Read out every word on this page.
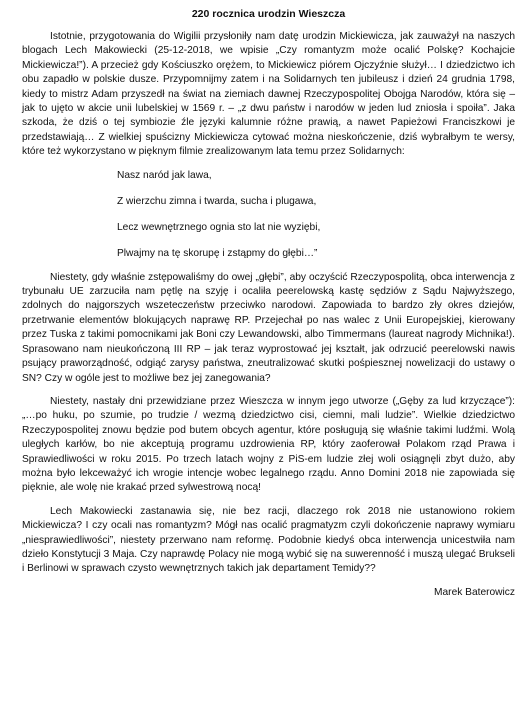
220 rocznica urodzin Wieszcza

Istotnie, przygotowania do Wigilii przysłoniły nam datę urodzin Mickiewicza, jak zauważył na naszych blogach Lech Makowiecki (25-12-2018, we wpisie „Czy romantyzm może ocalić Polskę? Kochajcie Mickiewicza!”). A przecież gdy Kościuszko orężem, to Mickiewicz piórem Ojczyźnie służył… I dziedzictwo ich obu zapadło w polskie dusze. Przypomnijmy zatem i na Solidarnych ten jubileusz i dzień 24 grudnia 1798, kiedy to mistrz Adam przyszedł na świat na ziemiach dawnej Rzeczypospolitej Obojga Narodów, która się – jak to ujęto w akcie unii lubelskiej w 1569 r. – „z dwu państw i narodów w jeden lud zniosła i spoiła”. Jaka szkoda, że dziś o tej symbiozie źle języki kalumnie różne prawią, a nawet Papieżowi Franciszkowi je przedstawiają… Z wielkiej spuścizny Mickiewicza cytować można nieskończenie, dziś wybrałbym te wersy, które też wykorzystano w pięknym filmie zrealizowanym lata temu przez Solidarnych:

Nasz naród jak lawa,
Z wierzchu zimna i twarda, sucha i plugawa,
Lecz wewnętrznego ognia sto lat nie wyziębi,
Plwajmy na tę skorupę i zstąpmy do głębi…”

Niestety, gdy właśnie zstępowaliśmy do owej „głębi”, aby oczyścić Rzeczypospolitą, obca interwencja z trybunału UE zarzuciła nam pętlę na szyję i ocaliła peerelowską kastę sędziów z Sądu Najwyższego, zdolnych do najgorszych wszeteczeństw przeciwko narodowi. Zapowiada to bardzo zły okres dziejów, przetrwanie elementów blokujących naprawę RP. Przejechał po nas walec z Unii Europejskiej, kierowany przez Tuska z takimi pomocnikami jak Boni czy Lewandowski, albo Timmermans (laureat nagrody Michnika!). Sprasowano nam nieukończoną III RP – jak teraz wyprostować jej kształt, jak odrzucić peerelowski nawis psujący praworządność, odgiąć zarysy państwa, zneutralizować skutki pośpiesznej nowelizacji do ustawy o SN? Czy w ogóle jest to możliwe bez jej zanegowania?

Niestety, nastały dni przewidziane przez Wieszcza w innym jego utworze („Gęby za lud krzyczące”): „…po huku, po szumie, po trudzie / wezmą dziedzictwo cisi, ciemni, mali ludzie”. Wielkie dziedzictwo Rzeczypospolitej znowu będzie pod butem obcych agentur, które posługują się właśnie takimi ludźmi. Wolą uległych karłów, bo nie akceptują programu uzdrowienia RP, który zaoferował Polakom rząd Prawa i Sprawiedliwości w roku 2015. Po trzech latach wojny z PiS-em ludzie złej woli osiągnęli zbyt dużo, aby można było lekceważyć ich wrogie intencje wobec legalnego rządu. Anno Domini 2018 nie zapowiada się pięknie, ale wolę nie krakać przed sylwestrową nocą!

Lech Makowiecki zastanawia się, nie bez racji, dlaczego rok 2018 nie ustanowiono rokiem Mickiewicza? I czy ocali nas romantyzm? Mógł nas ocalić pragmatyzm czyli dokończenie naprawy wymiaru „niesprawiedliwości”, niestety przerwano nam reformę. Podobnie kiedyś obca interwencja unicestwiła nam dzieło Konstytucji 3 Maja. Czy naprawdę Polacy nie mogą wybić się na suwerenność i muszą ulegać Brukseli i Berlinowi w sprawach czysto wewnętrznych takich jak departament Temidy??

Marek Baterowicz
